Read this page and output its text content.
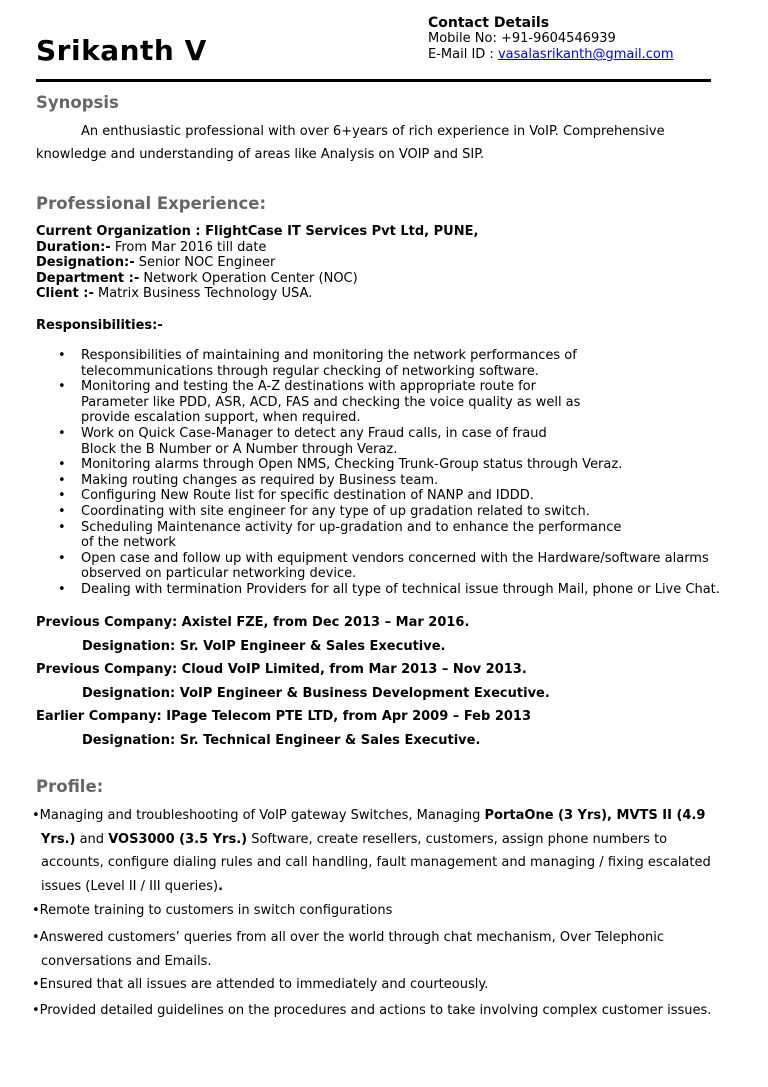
Srikanth V
Contact Details
Mobile No: +91-9604546939
E-Mail ID : vasalasrikanth@gmail.com
Synopsis
An enthusiastic professional with over 6+years of rich experience in VoIP. Comprehensive
knowledge and understanding of areas like Analysis on VOIP and SIP.
Professional Experience:
Current Organization : FlightCase IT Services Pvt Ltd, PUNE,
Duration:- From Mar 2016 till date
Designation:- Senior NOC Engineer
Department :- Network Operation Center (NOC)
Client :- Matrix Business Technology USA.
Responsibilities:-
• Responsibilities of maintaining and monitoring the network performances of
telecommunications through regular checking of networking software.
• Monitoring and testing the A-Z destinations with appropriate route for
Parameter like PDD, ASR, ACD, FAS and checking the voice quality as well as
provide escalation support, when required.
• Work on Quick Case-Manager to detect any Fraud calls, in case of fraud
Block the B Number or A Number through Veraz.
• Monitoring alarms through Open NMS, Checking Trunk-Group status through Veraz.
• Making routing changes as required by Business team.
• Configuring New Route list for specific destination of NANP and IDDD.
• Coordinating with site engineer for any type of up gradation related to switch.
• Scheduling Maintenance activity for up-gradation and to enhance the performance
of the network
• Open case and follow up with equipment vendors concerned with the Hardware/software alarms
observed on particular networking device.
• Dealing with termination Providers for all type of technical issue through Mail, phone or Live Chat.
Previous Company: Axistel FZE, from Dec 2013 – Mar 2016.
Designation: Sr. VoIP Engineer & Sales Executive.
Previous Company: Cloud VoIP Limited, from Mar 2013 – Nov 2013.
Designation: VoIP Engineer & Business Development Executive.
Earlier Company: IPage Telecom PTE LTD, from Apr 2009 – Feb 2013
Designation: Sr. Technical Engineer & Sales Executive.
Profile:
•Managing and troubleshooting of VoIP gateway Switches, Managing PortaOne (3 Yrs), MVTS II (4.9
Yrs.) and VOS3000 (3.5 Yrs.) Software, create resellers, customers, assign phone numbers to
accounts, configure dialing rules and call handling, fault management and managing / fixing escalated
issues (Level II / III queries).
•Remote training to customers in switch configurations
•Answered customers’ queries from all over the world through chat mechanism, Over Telephonic
conversations and Emails.
•Ensured that all issues are attended to immediately and courteously.
•Provided detailed guidelines on the procedures and actions to take involving complex customer issues.
